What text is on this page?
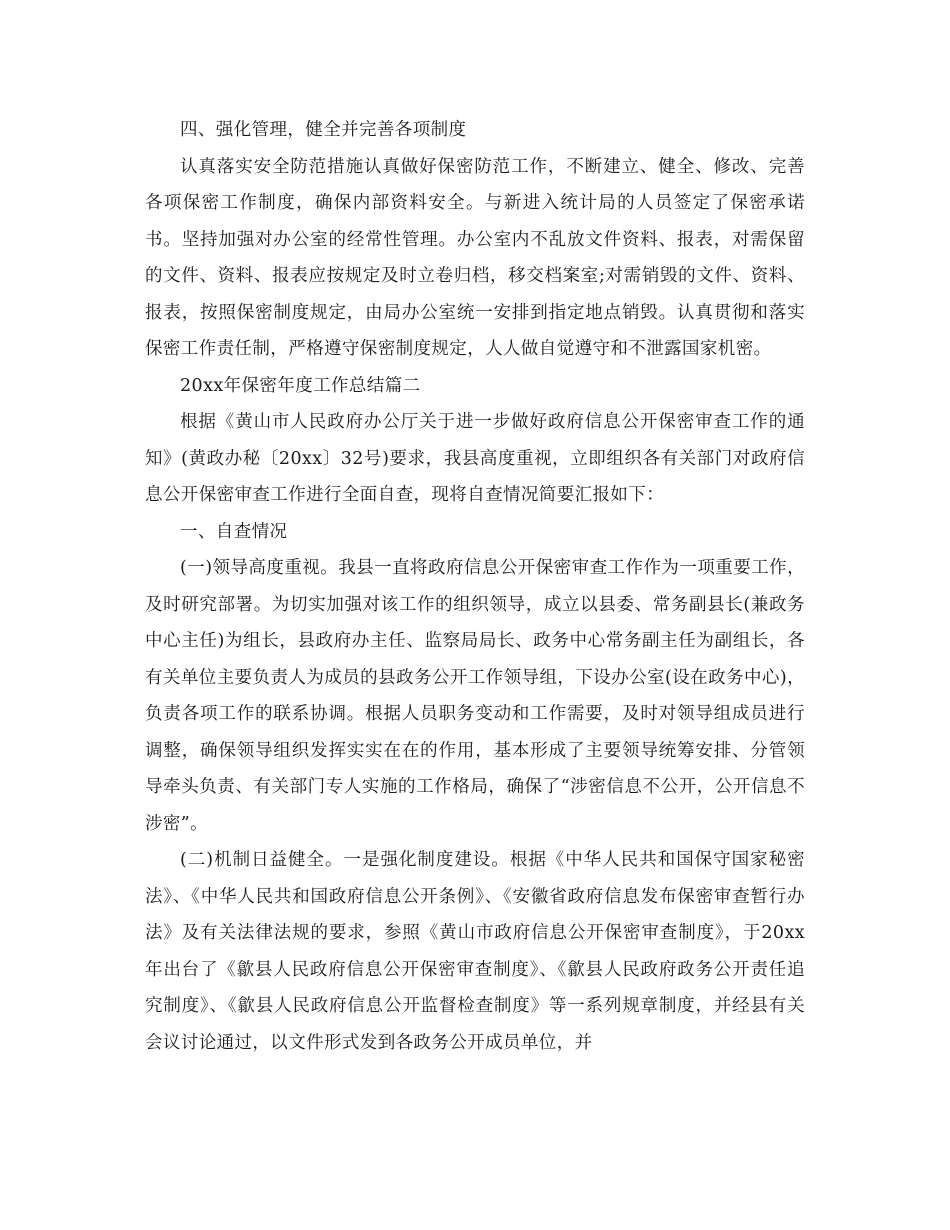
四、强化管理，健全并完善各项制度

认真落实安全防范措施认真做好保密防范工作，不断建立、健全、修改、完善各项保密工作制度，确保内部资料安全。与新进入统计局的人员签定了保密承诺书。坚持加强对办公室的经常性管理。办公室内不乱放文件资料、报表，对需保留的文件、资料、报表应按规定及时立卷归档，移交档案室;对需销毁的文件、资料、报表，按照保密制度规定，由局办公室统一安排到指定地点销毁。认真贯彻和落实保密工作责任制，严格遵守保密制度规定，人人做自觉遵守和不泄露国家机密。

20xx年保密年度工作总结篇二

根据《黄山市人民政府办公厅关于进一步做好政府信息公开保密审查工作的通知》(黄政办秘〔20xx〕32号)要求，我县高度重视，立即组织各有关部门对政府信息公开保密审查工作进行全面自查，现将自查情况简要汇报如下：

一、自查情况

(一)领导高度重视。我县一直将政府信息公开保密审查工作作为一项重要工作，及时研究部署。为切实加强对该工作的组织领导，成立以县委、常务副县长(兼政务中心主任)为组长，县政府办主任、监察局局长、政务中心常务副主任为副组长，各有关单位主要负责人为成员的县政务公开工作领导组，下设办公室(设在政务中心)，负责各项工作的联系协调。根据人员职务变动和工作需要，及时对领导组成员进行调整，确保领导组织发挥实实在在的作用，基本形成了主要领导统筹安排、分管领导牵头负责、有关部门专人实施的工作格局，确保了“涉密信息不公开，公开信息不涉密”。

(二)机制日益健全。一是强化制度建设。根据《中华人民共和国保守国家秘密法》、《中华人民共和国政府信息公开条例》、《安徽省政府信息发布保密审查暂行办法》及有关法律法规的要求，参照《黄山市政府信息公开保密审查制度》，于20xx年出台了《歙县人民政府信息公开保密审查制度》、《歙县人民政府政务公开责任追究制度》、《歙县人民政府信息公开监督检查制度》等一系列规章制度，并经县有关会议讨论通过，以文件形式发到各政务公开成员单位，并
